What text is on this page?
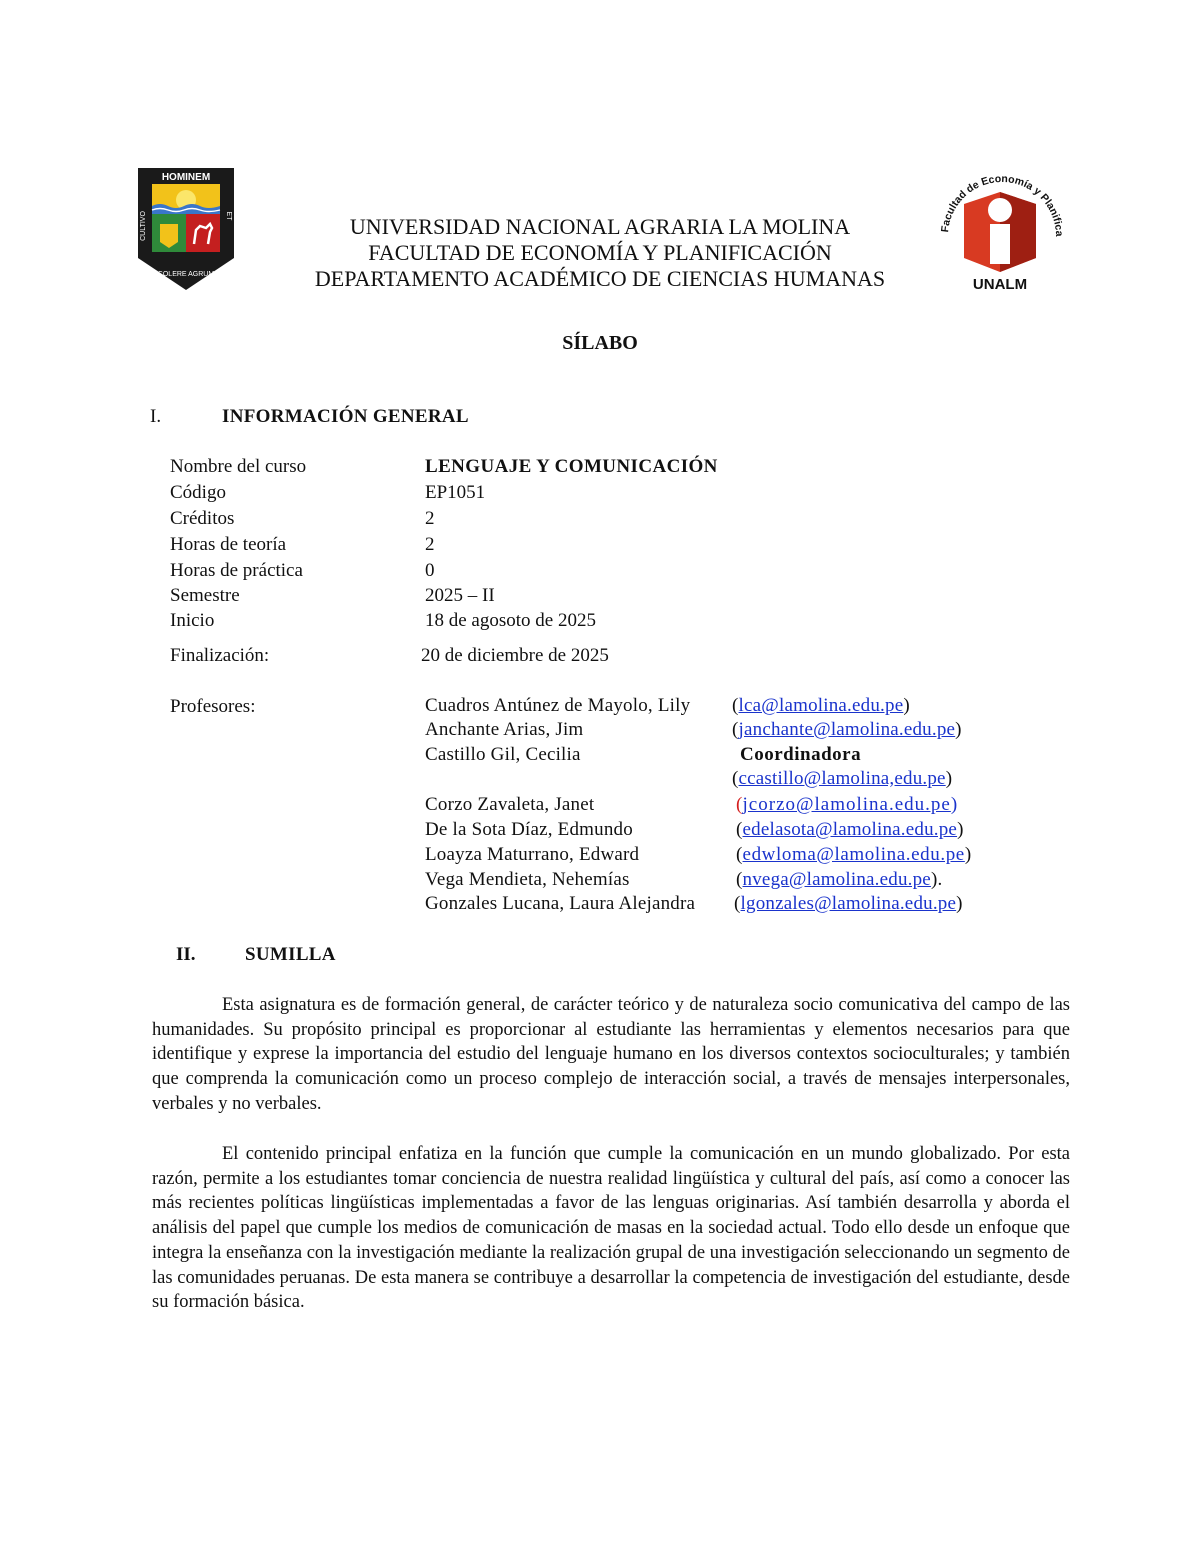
HOMINEM
CULTIVO	ET
COLERE AGRUM
UNIVERSIDAD NACIONAL AGRARIA LA MOLINA
FACULTAD DE ECONOMÍA Y PLANIFICACIÓN
DEPARTAMENTO ACADÉMICO DE CIENCIAS HUMANAS
Facultad de Economía y Planifica
UNALM
SÍLABO
I.	INFORMACIÓN GENERAL
Nombre del curso	LENGUAJE Y COMUNICACIÓN
Código	EP1051
Créditos	2
Horas de teoría	2
Horas de práctica	0
Semestre	2025 – II
Inicio	18 de agosoto de 2025
Finalización:	20 de diciembre de 2025
Profesores:	Cuadros Antúnez de Mayolo, Lily (lca@lamolina.edu.pe)
Anchante Arias, Jim	(janchante@lamolina.edu.pe)
Castillo Gil, Cecilia	Coordinadora
(ccastillo@lamolina,edu.pe)
Corzo Zavaleta, Janet	(jcorzo@lamolina.edu.pe)
De la Sota Díaz, Edmundo	(edelasota@lamolina.edu.pe)
Loayza Maturrano, Edward	(edwloma@lamolina.edu.pe)
Vega Mendieta, Nehemías	(nvega@lamolina.edu.pe).
Gonzales Lucana, Laura Alejandra (lgonzales@lamolina.edu.pe)
II.	SUMILLA
Esta asignatura es de formación general, de carácter teórico y de naturaleza socio comunicativa del campo de las humanidades. Su propósito principal es proporcionar al estudiante las herramientas y elementos necesarios para que identifique y exprese la importancia del estudio del lenguaje humano en los diversos contextos socioculturales; y también que comprenda la comunicación como un proceso complejo de interacción social, a través de mensajes interpersonales, verbales y no verbales.
El contenido principal enfatiza en la función que cumple la comunicación en un mundo globalizado. Por esta razón, permite a los estudiantes tomar conciencia de nuestra realidad lingüística y cultural del país, así como a conocer las más recientes políticas lingüísticas implementadas a favor de las lenguas originarias. Así también desarrolla y aborda el análisis del papel que cumple los medios de comunicación de masas en la sociedad actual. Todo ello desde un enfoque que integra la enseñanza con la investigación mediante la realización grupal de una investigación seleccionando un segmento de las comunidades peruanas. De esta manera se contribuye a desarrollar la competencia de investigación del estudiante, desde su formación básica.
